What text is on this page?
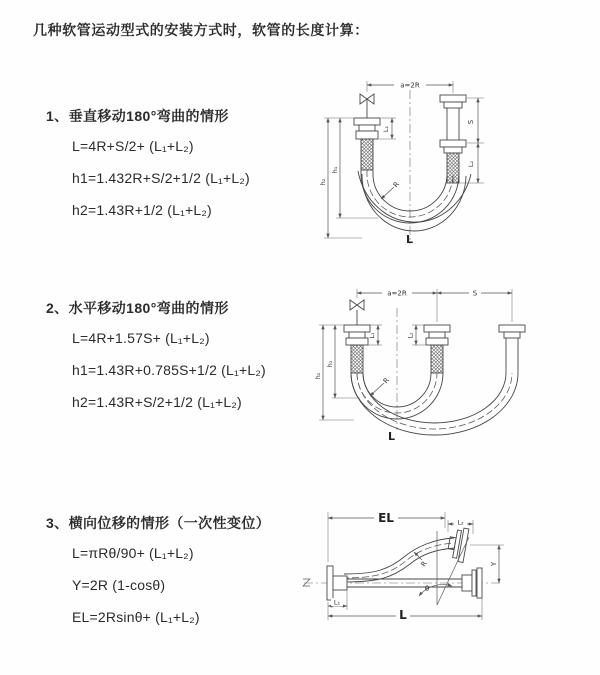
几种软管运动型式的安装方式时，软管的长度计算：
1、垂直移动180°弯曲的情形
L=4R+S/2+ (L₁+L₂)
h1=1.432R+S/2+1/2 (L₁+L₂)
h2=1.43R+1/2 (L₁+L₂)
2、水平移动180°弯曲的情形
L=4R+1.57S+ (L₁+L₂)
h1=1.43R+0.785S+1/2 (L₁+L₂)
h2=1.43R+S/2+1/2 (L₁+L₂)
3、横向位移的情形（一次性变位）
L=πRθ/90+ (L₁+L₂)
Y=2R (1-cosθ)
EL=2Rsinθ+ (L₁+L₂)
a=2R
R
L
S
L₂
L₁
h₁
h₂
a=2R	S
L₁	L₂
R
L
h₁
h₂
EL	L₂
θ
R	Y
L₁
L
